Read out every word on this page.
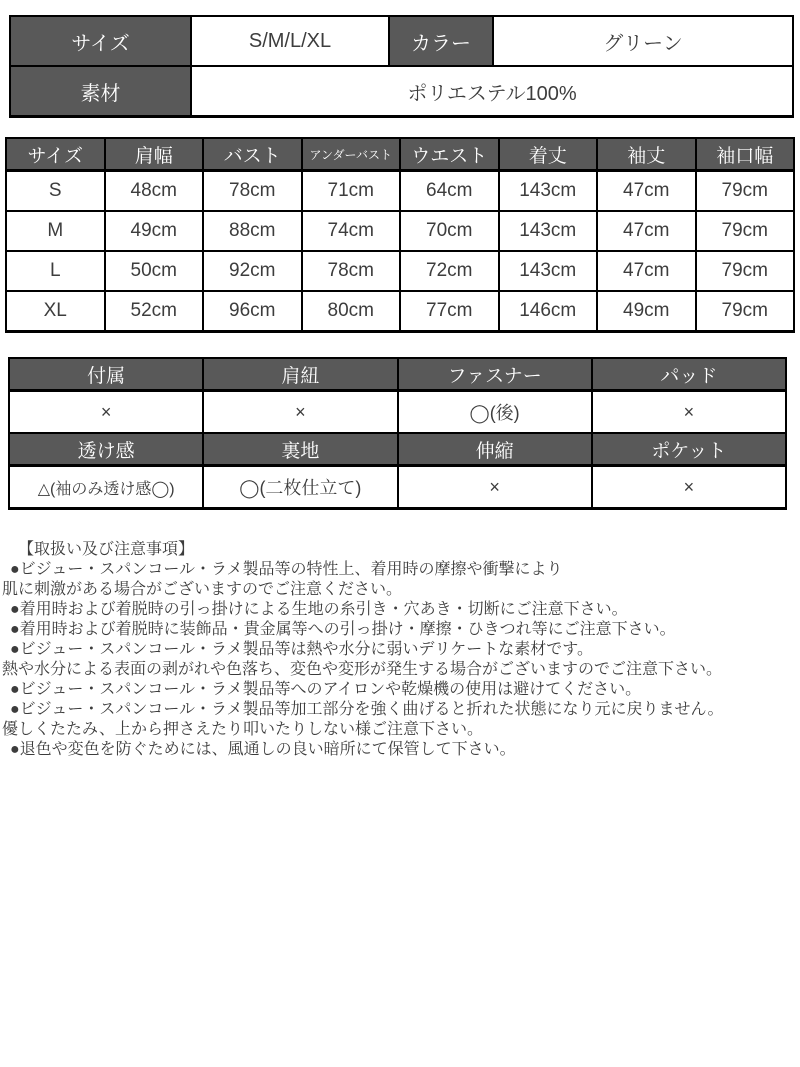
サイズ	S/M/L/XL	カラー	グリーン
素材	ポリエステル100%		
サイズ	肩幅	バスト	アンダーバスト	ウエスト	着丈	袖丈	袖口幅
S	48cm	78cm	71cm	64cm	143cm	47cm	79cm
M	49cm	88cm	74cm	70cm	143cm	47cm	79cm
L	50cm	92cm	78cm	72cm	143cm	47cm	79cm
XL	52cm	96cm	80cm	77cm	146cm	49cm	79cm
付属	肩紐	ファスナー	パッド
×	×	◯(後)	×
透け感	裏地	伸縮	ポケット
△(袖のみ透け感◯)	◯(二枚仕立て)	×	×
【取扱い及び注意事項】
●ビジュー・スパンコール・ラメ製品等の特性上、着用時の摩擦や衝撃により
肌に刺激がある場合がございますのでご注意ください。
●着用時および着脱時の引っ掛けによる生地の糸引き・穴あき・切断にご注意下さい。
●着用時および着脱時に装飾品・貴金属等への引っ掛け・摩擦・ひきつれ等にご注意下さい。
●ビジュー・スパンコール・ラメ製品等は熱や水分に弱いデリケートな素材です。
熱や水分による表面の剥がれや色落ち、変色や変形が発生する場合がございますのでご注意下さい。
●ビジュー・スパンコール・ラメ製品等へのアイロンや乾燥機の使用は避けてください。
●ビジュー・スパンコール・ラメ製品等加工部分を強く曲げると折れた状態になり元に戻りません。
優しくたたみ、上から押さえたり叩いたりしない様ご注意下さい。
●退色や変色を防ぐためには、風通しの良い暗所にて保管して下さい。
